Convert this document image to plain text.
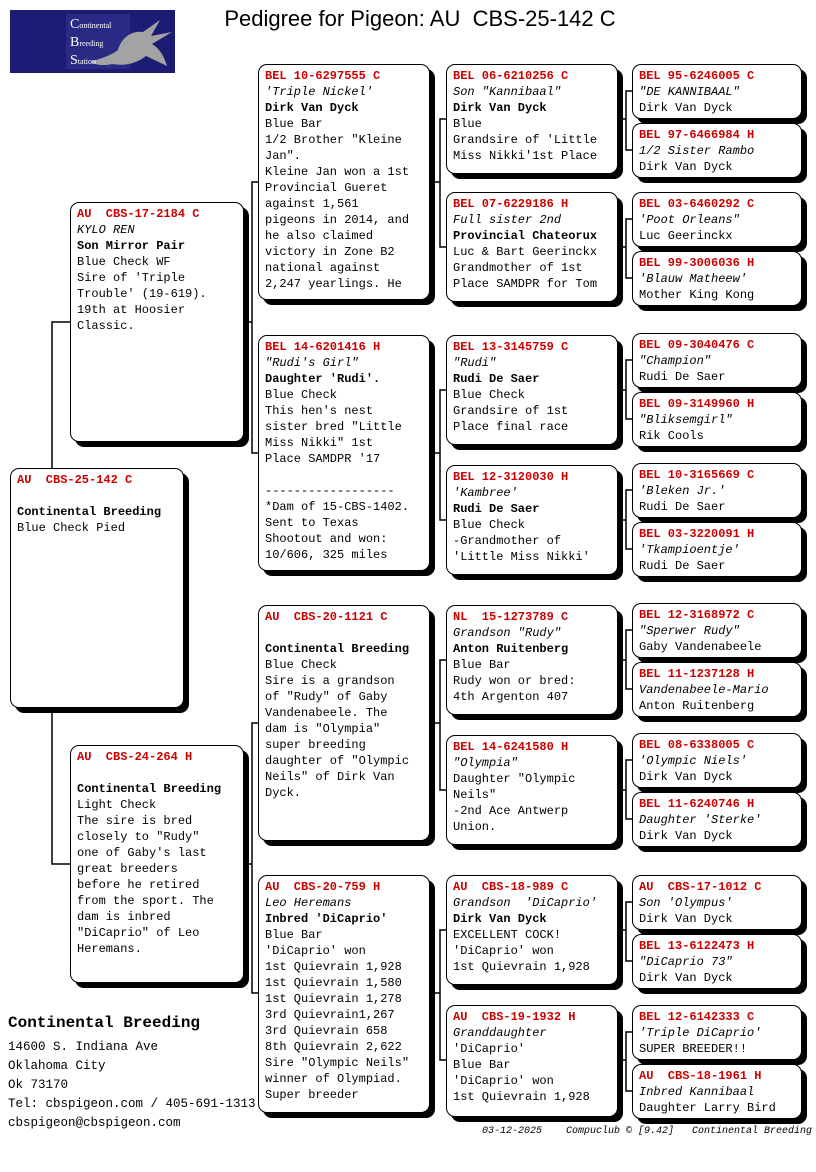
Continental
Breeding
Station
Pedigree for Pigeon: AU  CBS-25-142 C
AU  CBS-25-142 C
Continental Breeding
Blue Check Pied
AU  CBS-17-2184 C
KYLO REN
Son Mirror Pair
Blue Check WF
Sire of 'Triple
Trouble' (19-619).
19th at Hoosier
Classic.
AU  CBS-24-264 H
Continental Breeding
Light Check
The sire is bred
closely to "Rudy"
one of Gaby's last
great breeders
before he retired
from the sport. The
dam is inbred
"DiCaprio" of Leo
Heremans.
BEL 10-6297555 C
'Triple Nickel'
Dirk Van Dyck
Blue Bar
1/2 Brother "Kleine
Jan".
Kleine Jan won a 1st
Provincial Gueret
against 1,561
pigeons in 2014, and
he also claimed
victory in Zone B2
national against
2,247 yearlings. He
BEL 14-6201416 H
"Rudi's Girl"
Daughter 'Rudi'.
Blue Check
This hen's nest
sister bred "Little
Miss Nikki" 1st
Place SAMDPR '17
------------------
*Dam of 15-CBS-1402.
Sent to Texas
Shootout and won:
10/606, 325 miles
AU  CBS-20-1121 C
Continental Breeding
Blue Check
Sire is a grandson
of "Rudy" of Gaby
Vandenabeele. The
dam is "Olympia"
super breeding
daughter of "Olympic
Neils" of Dirk Van
Dyck.
AU  CBS-20-759 H
Leo Heremans
Inbred 'DiCaprio'
Blue Bar
'DiCaprio' won
1st Quievrain 1,928
1st Quievrain 1,580
1st Quievrain 1,278
3rd Quievrain1,267
3rd Quievrain 658
8th Quievrain 2,622
Sire "Olympic Neils"
winner of Olympiad.
Super breeder
BEL 06-6210256 C
Son "Kannibaal"
Dirk Van Dyck
Blue
Grandsire of 'Little
Miss Nikki'1st Place
BEL 07-6229186 H
Full sister 2nd
Provincial Chateorux
Luc & Bart Geerinckx
Grandmother of 1st
Place SAMDPR for Tom
BEL 13-3145759 C
"Rudi"
Rudi De Saer
Blue Check
Grandsire of 1st
Place final race
BEL 12-3120030 H
'Kambree'
Rudi De Saer
Blue Check
-Grandmother of
'Little Miss Nikki'
NL  15-1273789 C
Grandson "Rudy"
Anton Ruitenberg
Blue Bar
Rudy won or bred:
4th Argenton 407
BEL 14-6241580 H
"Olympia"
Daughter "Olympic
Neils"
-2nd Ace Antwerp
Union.
AU  CBS-18-989 C
Grandson  'DiCaprio'
Dirk Van Dyck
EXCELLENT COCK!
'DiCaprio' won
1st Quievrain 1,928
AU  CBS-19-1932 H
Granddaughter
'DiCaprio'
Blue Bar
'DiCaprio' won
1st Quievrain 1,928
BEL 95-6246005 C
"DE KANNIBAAL"
Dirk Van Dyck
BEL 97-6466984 H
1/2 Sister Rambo
Dirk Van Dyck
BEL 03-6460292 C
'Poot Orleans"
Luc Geerinckx
BEL 99-3006036 H
'Blauw Matheew'
Mother King Kong
BEL 09-3040476 C
"Champion"
Rudi De Saer
BEL 09-3149960 H
"Bliksemgirl"
Rik Cools
BEL 10-3165669 C
'Bleken Jr.'
Rudi De Saer
BEL 03-3220091 H
'Tkampioentje'
Rudi De Saer
BEL 12-3168972 C
"Sperwer Rudy"
Gaby Vandenabeele
BEL 11-1237128 H
Vandenabeele-Mario
Anton Ruitenberg
BEL 08-6338005 C
'Olympic Niels'
Dirk Van Dyck
BEL 11-6240746 H
Daughter 'Sterke'
Dirk Van Dyck
AU  CBS-17-1012 C
Son 'Olympus'
Dirk Van Dyck
BEL 13-6122473 H
"DiCaprio 73"
Dirk Van Dyck
BEL 12-6142333 C
'Triple DiCaprio'
SUPER BREEDER!!
AU  CBS-18-1961 H
Inbred Kannibaal
Daughter Larry Bird
Continental Breeding
14600 S. Indiana Ave
Oklahoma City
Ok 73170
Tel: cbspigeon.com / 405-691-1313
cbspigeon@cbspigeon.com
03-12-2025    Compuclub © [9.42]   Continental Breeding
